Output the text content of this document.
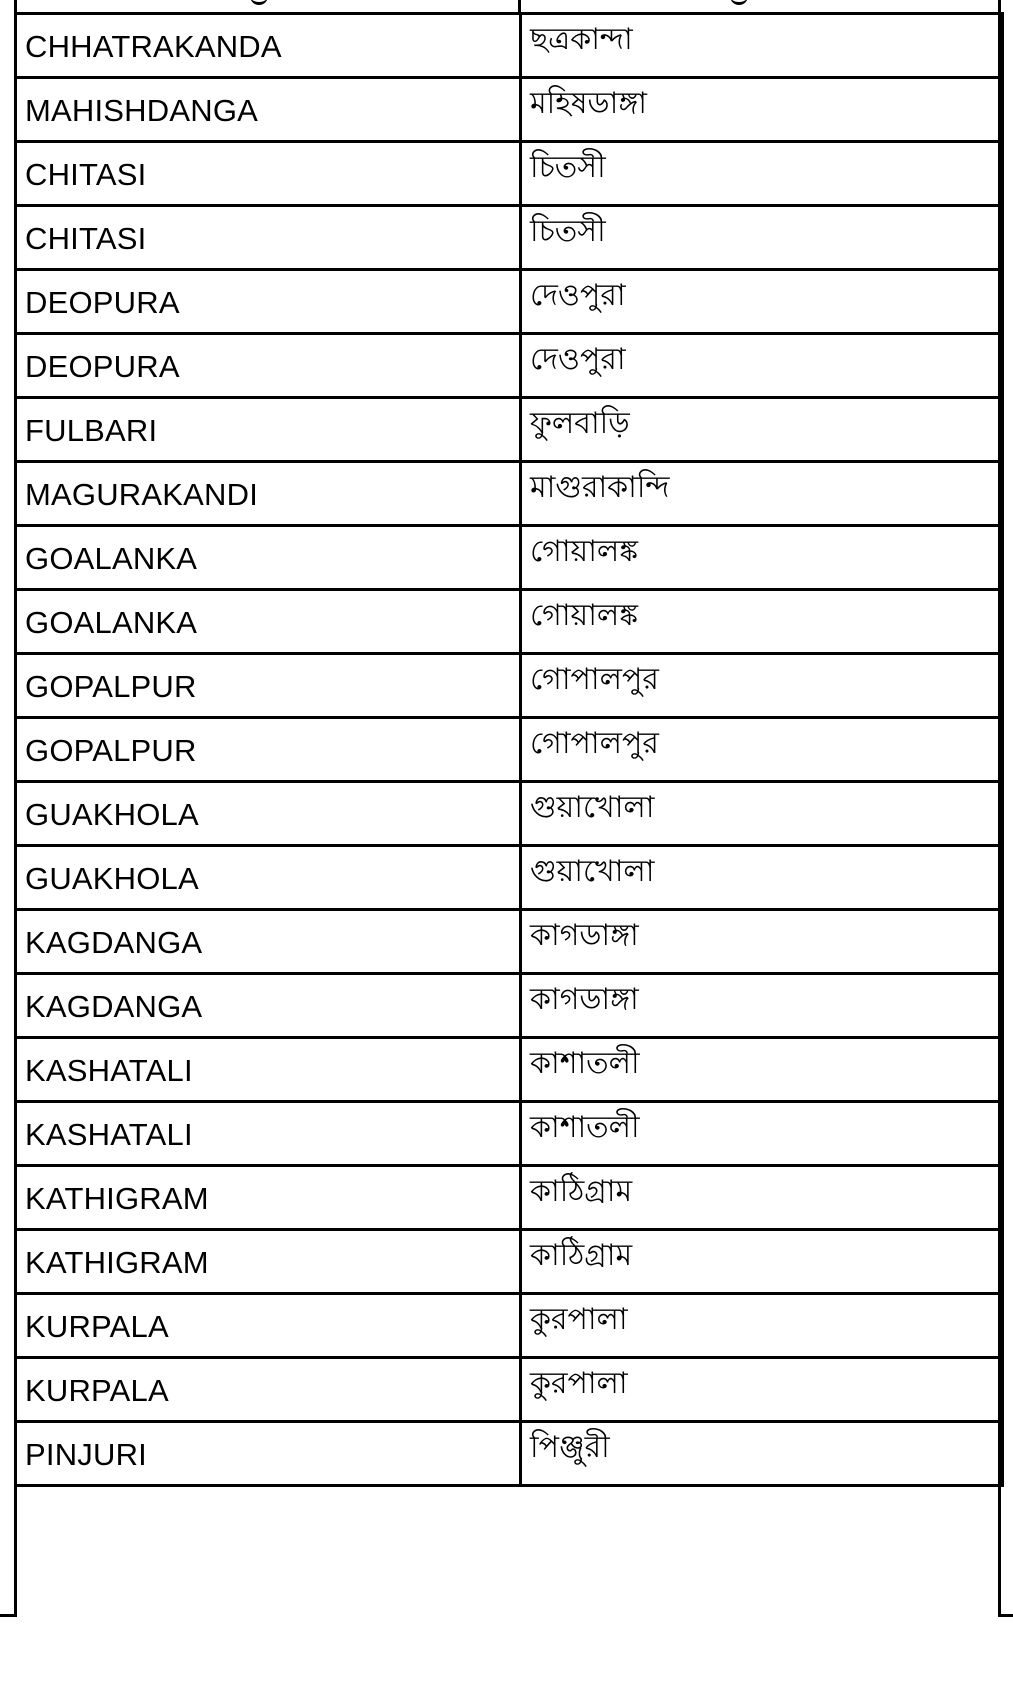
CHHATRAKANDA	ছত্রকান্দা
MAHISHDANGA	মহিষডাঙ্গা
CHITASI	চিতসী
CHITASI	চিতসী
DEOPURA	দেওপুরা
DEOPURA	দেওপুরা
FULBARI	ফুলবাড়ি
MAGURAKANDI	মাগুরাকান্দি
GOALANKA	গোয়ালঙ্ক
GOALANKA	গোয়ালঙ্ক
GOPALPUR	গোপালপুর
GOPALPUR	গোপালপুর
GUAKHOLA	গুয়াখোলা
GUAKHOLA	গুয়াখোলা
KAGDANGA	কাগডাঙ্গা
KAGDANGA	কাগডাঙ্গা
KASHATALI	কাশাতলী
KASHATALI	কাশাতলী
KATHIGRAM	কাঠিগ্রাম
KATHIGRAM	কাঠিগ্রাম
KURPALA	কুরপালা
KURPALA	কুরপালা
PINJURI	পিঞ্জুরী
